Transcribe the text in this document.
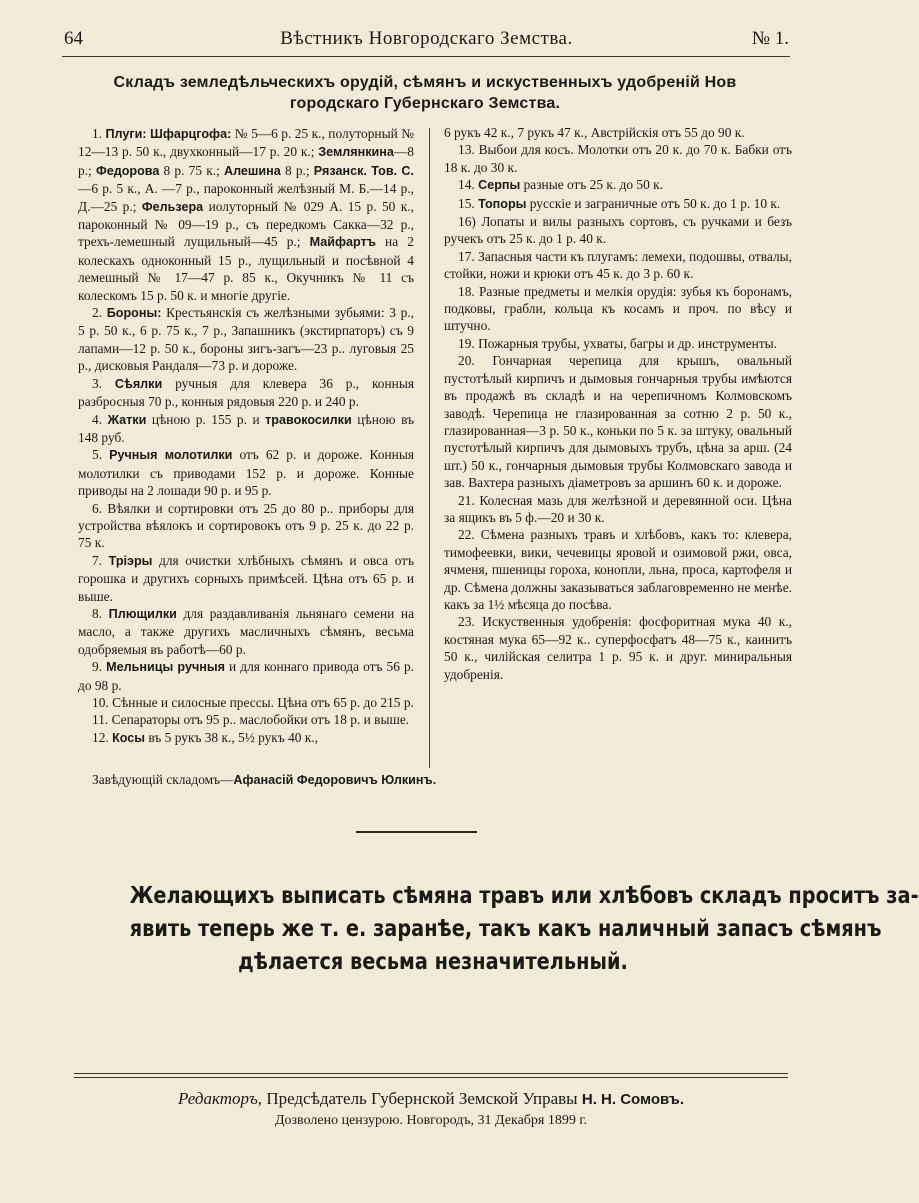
64	Вѣстникъ Новгородскаго Земства.	№ 1.
Складъ земледѣльческихъ орудій, сѣмянъ и искуственныхъ удобреній Нов
городскаго Губернскаго Земства.

1. Плуги: Шфарцгофа: № 5—6 р. 25 к., полуторный № 12—13 р. 50 к., двухконный—17 р. 20 к.; Землянкина—8 р.; Федорова 8 р. 75 к.; Алешина 8 р.; Рязанск. Тов. С.—6 р. 5 к., А. —7 р., пароконный желѣзный М. Б.—14 р., Д.—25 р.; Фельзера иолуторный № 029 А. 15 р. 50 к., пароконный № 09—19 р., съ передкомъ Сакка—32 р., трехъ-лемешный лущильный—45 р.; Майфартъ на 2 колескахъ одноконный 15 р., лущильный и посѣвной 4 лемешный № 17—47 р. 85 к., Окучникъ № 11 съ колескомъ 15 р. 50 к. и многіе другіе.

2. Бороны: Крестьянскія съ желѣзными зубьями: 3 р., 5 р. 50 к., 6 р. 75 к., 7 р., Запашникъ (экстирпаторъ) съ 9 лапами—12 р. 50 к., бороны зигъ-загъ—23 р.. луговыя 25 р., дисковыя Рандаля—73 р. и дороже.

3. Сѣялки ручныя для клевера 36 р., конныя разбросныя 70 р., конныя рядовыя 220 р. и 240 р.

4. Жатки цѣною р. 155 р. и травокосилки цѣною въ 148 руб.

5. Ручныя молотилки отъ 62 р. и дороже. Конныя молотилки съ приводами 152 р. и дороже. Конные приводы на 2 лошади 90 р. и 95 р.

6. Вѣялки и сортировки отъ 25 до 80 р.. приборы для устройства вѣялокъ и сортировокъ отъ 9 р. 25 к. до 22 р. 75 к.

7. Тріэры для очистки хлѣбныхъ сѣмянъ и овса отъ горошка и другихъ сорныхъ примѣсей. Цѣна отъ 65 р. и выше.

8. Плющилки для раздавливанія льнянаго семени на масло, а также другихъ масличныхъ сѣмянъ, весьма одобряемыя въ работѣ—60 р.

9. Мельницы ручныя и для коннаго привода отъ 56 р. до 98 р.

10. Сѣнные и силосные прессы. Цѣна отъ 65 р. до 215 р.

11. Сепараторы отъ 95 р.. маслобойки отъ 18 р. и выше.

12. Косы въ 5 рукъ 38 к., 5½ рукъ 40 к.,

6 рукъ 42 к., 7 рукъ 47 к., Австрійскія отъ 55 до 90 к.

13. Выбои для косъ. Молотки отъ 20 к. до 70 к. Бабки отъ 18 к. до 30 к.

14. Серпы разные отъ 25 к. до 50 к.

15. Топоры русскіе и заграничные отъ 50 к. до 1 р. 10 к.

16) Лопаты и вилы разныхъ сортовъ, съ ручками и безъ ручекъ отъ 25 к. до 1 р. 40 к.

17. Запасныя части къ плугамъ: лемехи, подошвы, отвалы, стойки, ножи и крюки отъ 45 к. до 3 р. 60 к.

18. Разные предметы и мелкія орудія: зубья къ боронамъ, подковы, грабли, кольца къ косамъ и проч. по вѣсу и штучно.

19. Пожарныя трубы, ухваты, багры и др. инструменты.

20. Гончарная черепица для крышъ, овальный пустотѣлый кирпичъ и дымовыя гончарныя трубы имѣются въ продажѣ въ складѣ и на черепичномъ Колмовскомъ заводѣ. Черепица не глазированная за сотню 2 р. 50 к., глазированная—3 р. 50 к., коньки по 5 к. за штуку, овальный пустотѣлый кирпичъ для дымовыхъ трубъ, цѣна за арш. (24 шт.) 50 к., гончарныя дымовыя трубы Колмовскаго завода и зав. Вахтера разныхъ діаметровъ за аршинъ 60 к. и дороже.

21. Колесная мазь для желѣзной и деревянной оси. Цѣна за ящикъ въ 5 ф.—20 и 30 к.

22. Сѣмена разныхъ травъ и хлѣбовъ, какъ то: клевера, тимофеевки, вики, чечевицы яровой и озимовой ржи, овса, ячменя, пшеницы гороха, конопли, льна, проса, картофеля и др. Сѣмена должны заказываться заблаговременно не менѣе. какъ за 1½ мѣсяца до посѣва.

23. Искуственныя удобренія: фосфоритная мука 40 к., костяная мука 65—92 к.. суперфосфатъ 48—75 к., каинитъ 50 к., чилійская селитра 1 р. 95 к. и друг. миниральныя удобренія.

Завѣдующій складомъ—Афанасій Федоровичъ Юлкинъ.
Желающихъ выписать сѣмяна травъ или хлѣбовъ складъ проситъ за-
явить теперь же т. е. заранѣе, такъ какъ наличный запасъ сѣмянъ
дѣлается весьма незначительный.
Редакторъ, Предсѣдатель Губернской Земской Управы Н. Н. Сомовъ.
Дозволено цензурою. Новгородъ, 31 Декабря 1899 г.
